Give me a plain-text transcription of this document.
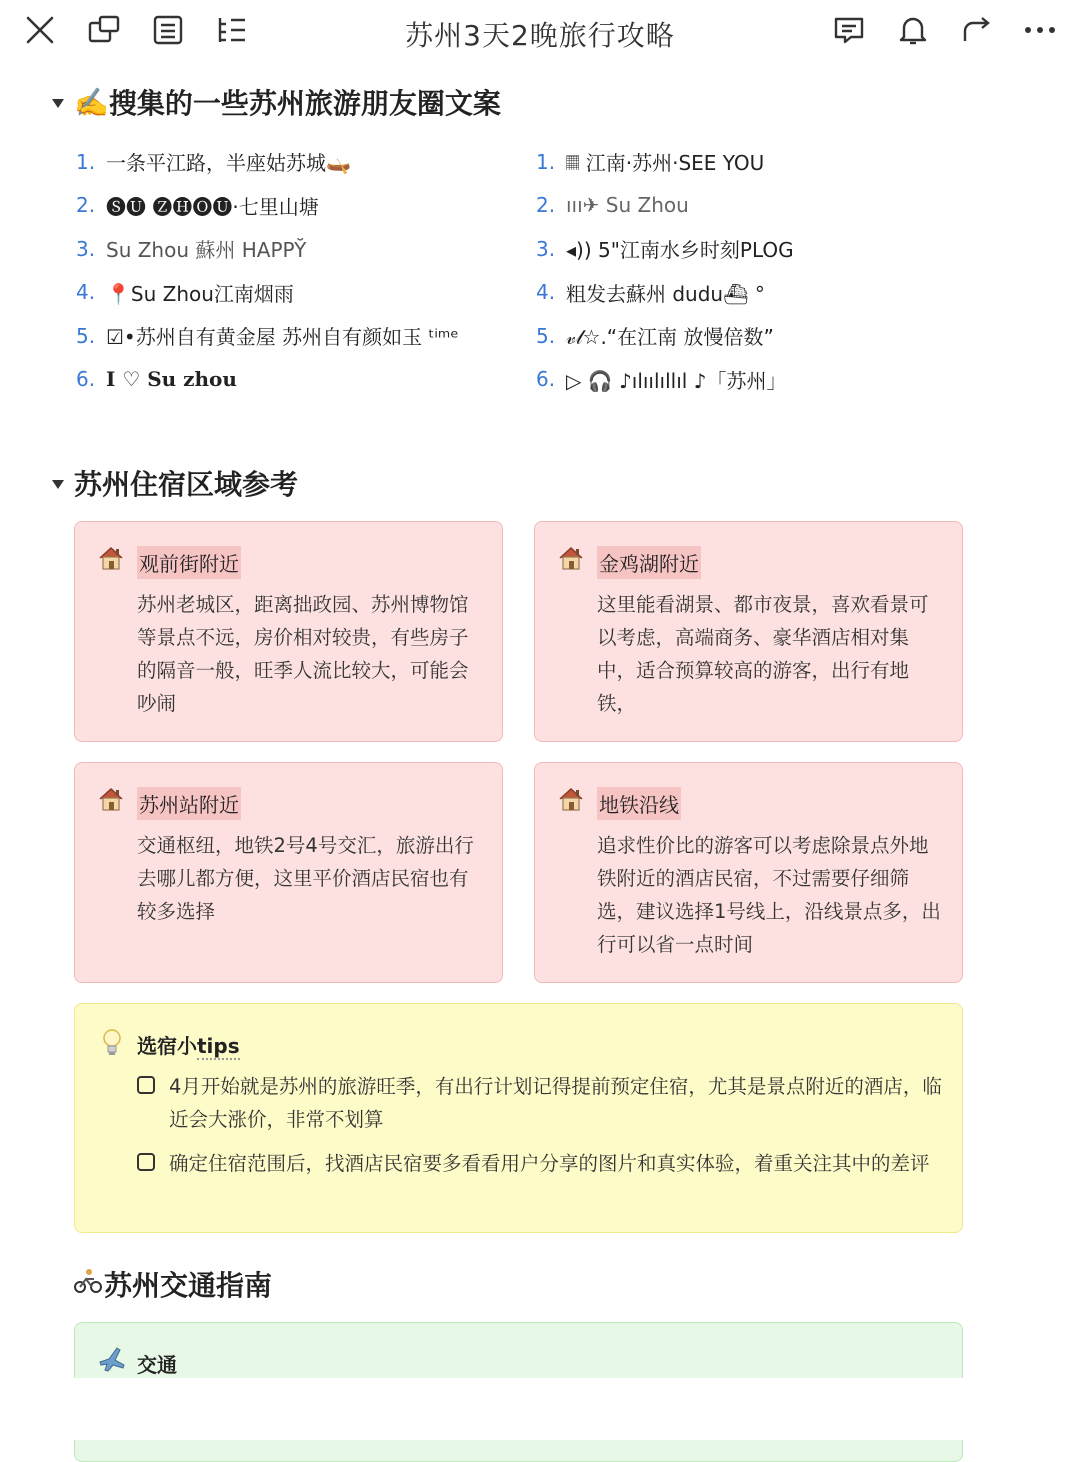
苏州3天2晚旅行攻略
✍️ 搜集的一些苏州旅游朋友圈文案
1. 一条平江路，半座姑苏城🛶
2. 🅢🅤 🅩🅗🅞🅤·七里山塘
3. Su Zhou 蘇州 HAPPY̆
4. 📍Su Zhou江南烟雨
5. ☑•苏州自有黄金屋 苏州自有颜如玉 ᵗⁱᵐᵉ
6. I ♡ Su zhou
1. 𝄜 江南·苏州·SEE YOU
2. ııı✈ Su Zhou
3. ◂)) 5"江南水乡时刻PLOG
4. 粗发去蘇州 dudu⛴ °
5. 𝓋𝓁☆.“在江南 放慢倍数”
6. ▷ 🎧 ♪ılıılıllıl ♪「苏州」
苏州住宿区域参考
观前街附近
苏州老城区，距离拙政园、苏州博物馆等景点不远，房价相对较贵，有些房子的隔音一般，旺季人流比较大，可能会吵闹
金鸡湖附近
这里能看湖景、都市夜景，喜欢看景可以考虑，高端商务、豪华酒店相对集中，适合预算较高的游客，出行有地铁，
苏州站附近
交通枢纽，地铁2号4号交汇，旅游出行去哪儿都方便，这里平价酒店民宿也有较多选择
地铁沿线
追求性价比的游客可以考虑除景点外地铁附近的酒店民宿，不过需要仔细筛选，建议选择1号线上，沿线景点多，出行可以省一点时间
选宿小tips
4月开始就是苏州的旅游旺季，有出行计划记得提前预定住宿，尤其是景点附近的酒店，临近会大涨价，非常不划算
确定住宿范围后，找酒店民宿要多看看用户分享的图片和真实体验，着重关注其中的差评
苏州交通指南
交通
